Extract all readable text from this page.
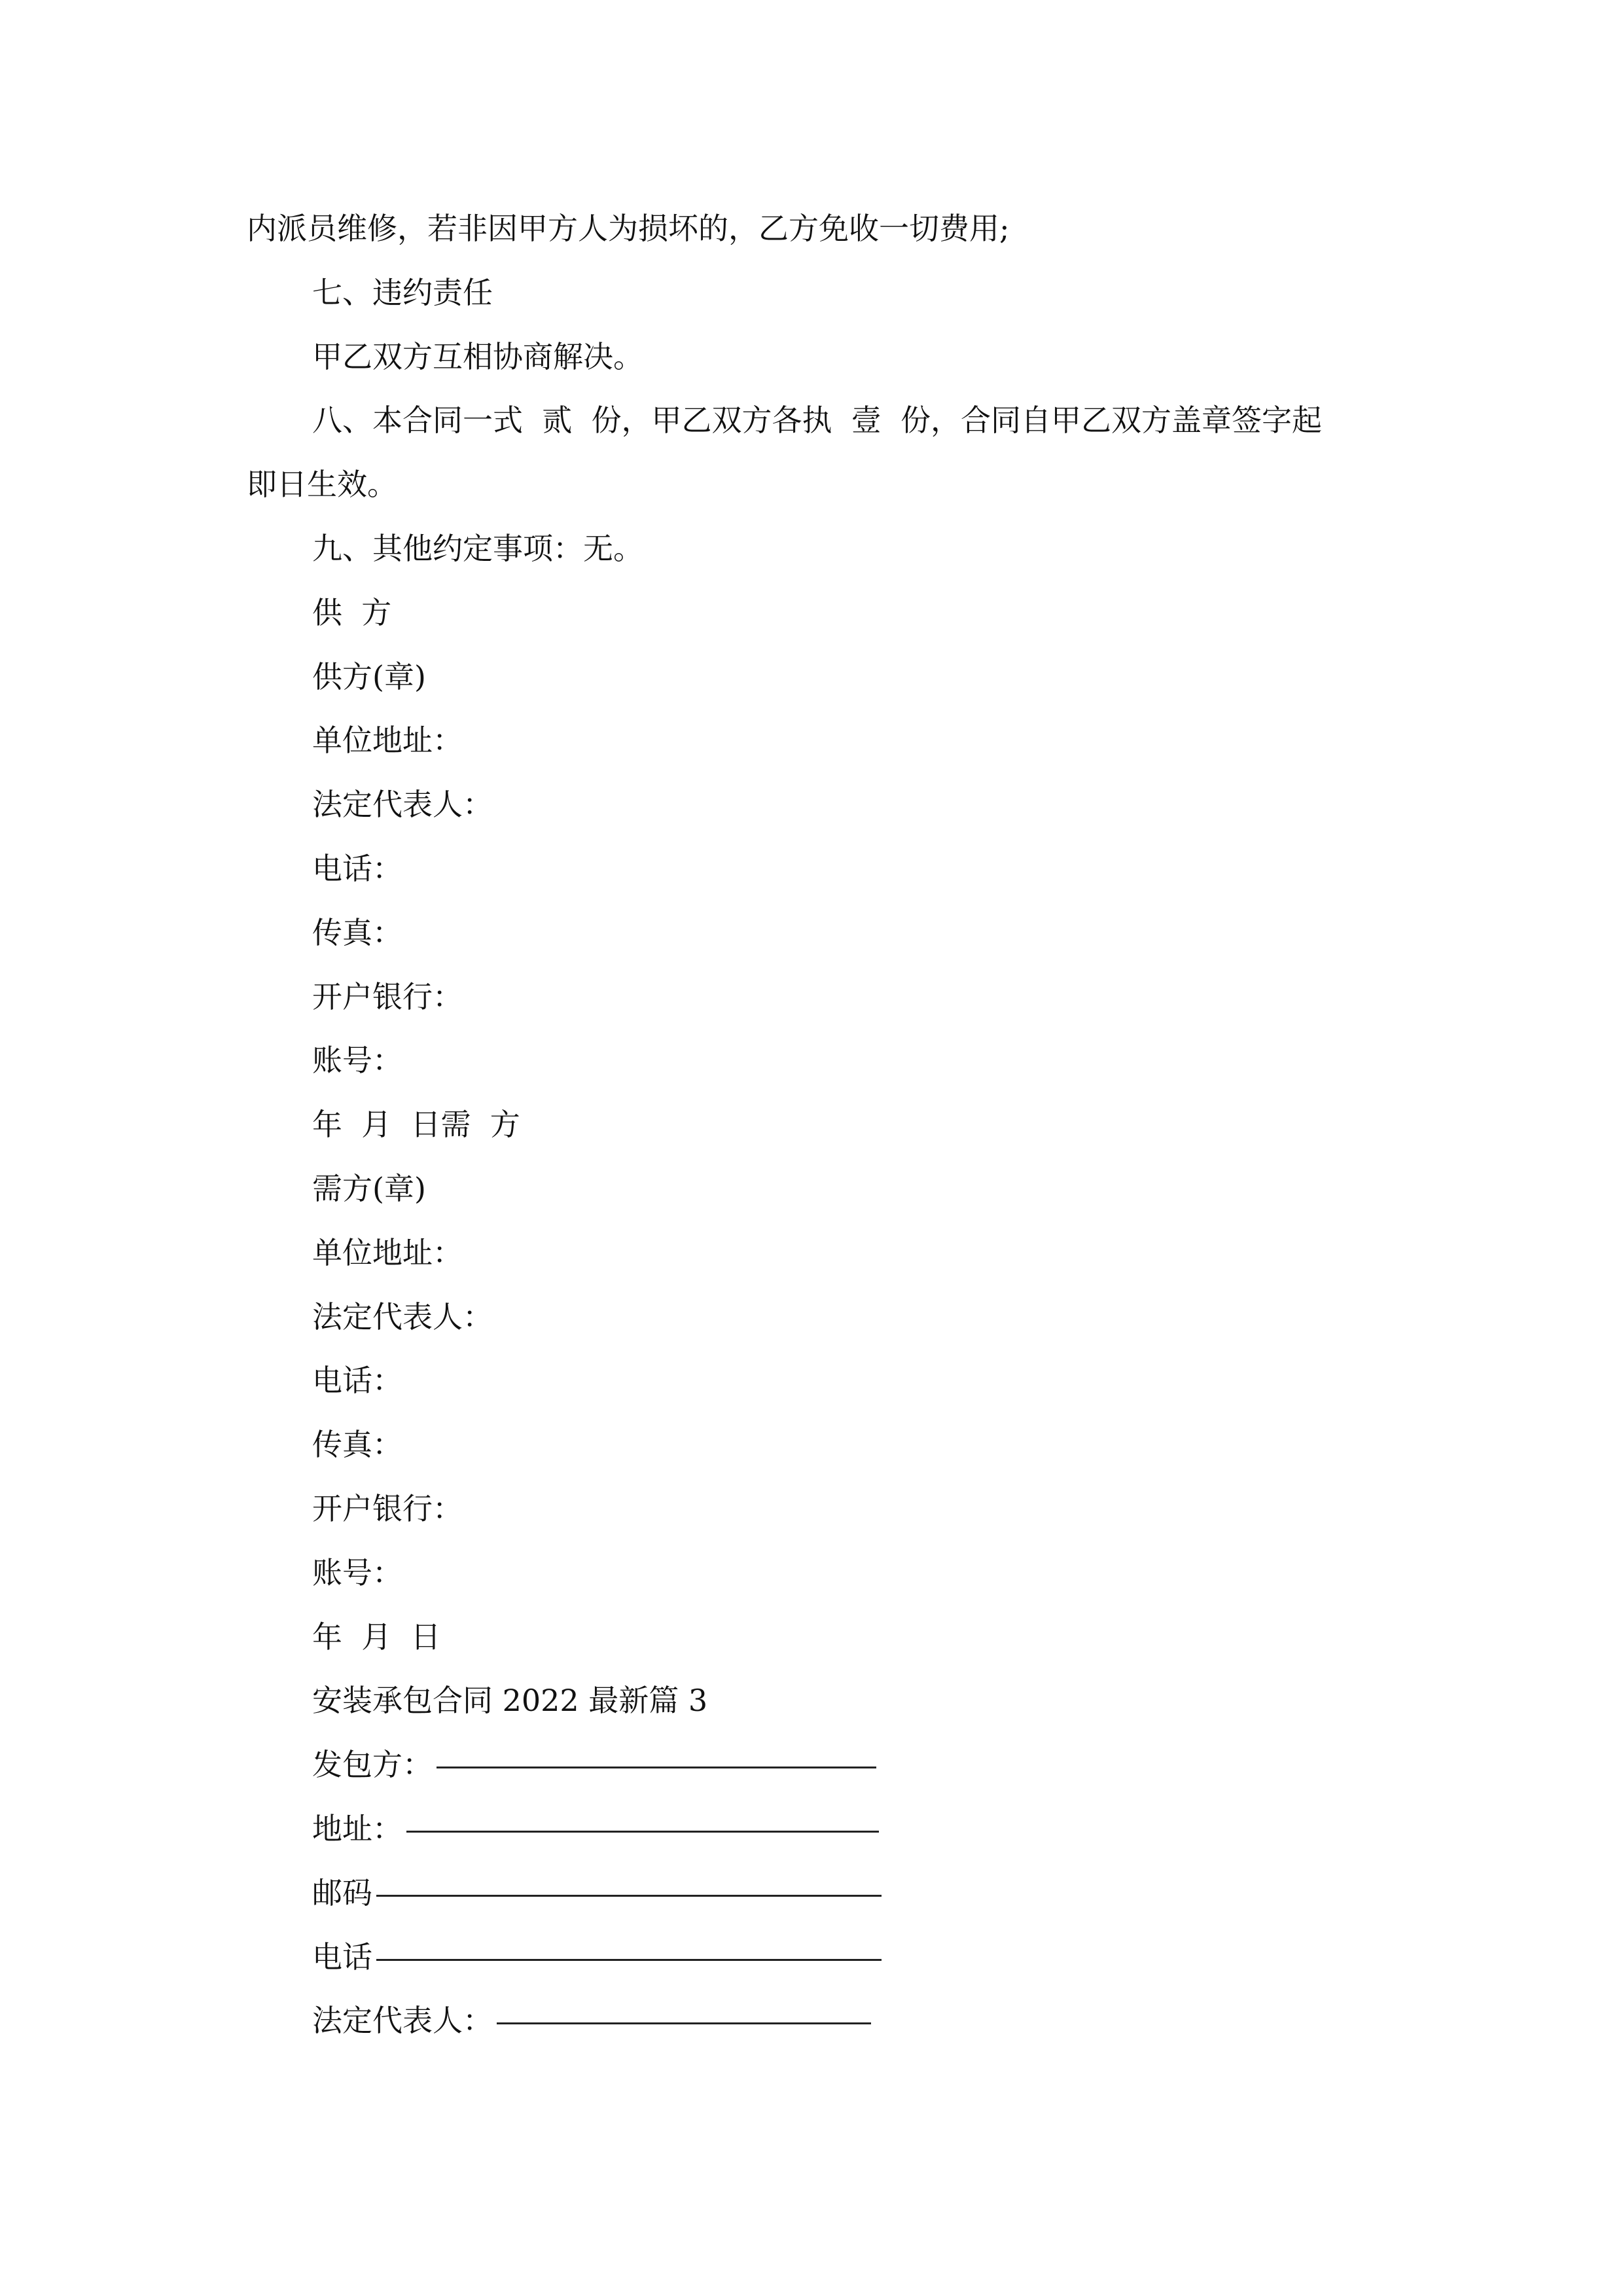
内派员维修，若非因甲方人为损坏的，乙方免收一切费用;

七、违约责任

甲乙双方互相协商解决。

八、本合同一式  贰  份，甲乙双方各执  壹  份，合同自甲乙双方盖章签字起

即日生效。

九、其他约定事项：无。

供  方

供方(章)

单位地址：

法定代表人：

电话：

传真：

开户银行：

账号：

年  月  日需  方

需方(章)

单位地址：

法定代表人：

电话：

传真：

开户银行：

账号：

年  月  日

安装承包合同 2022 最新篇 3

发包方：
地址：
邮码
电话
法定代表人：
